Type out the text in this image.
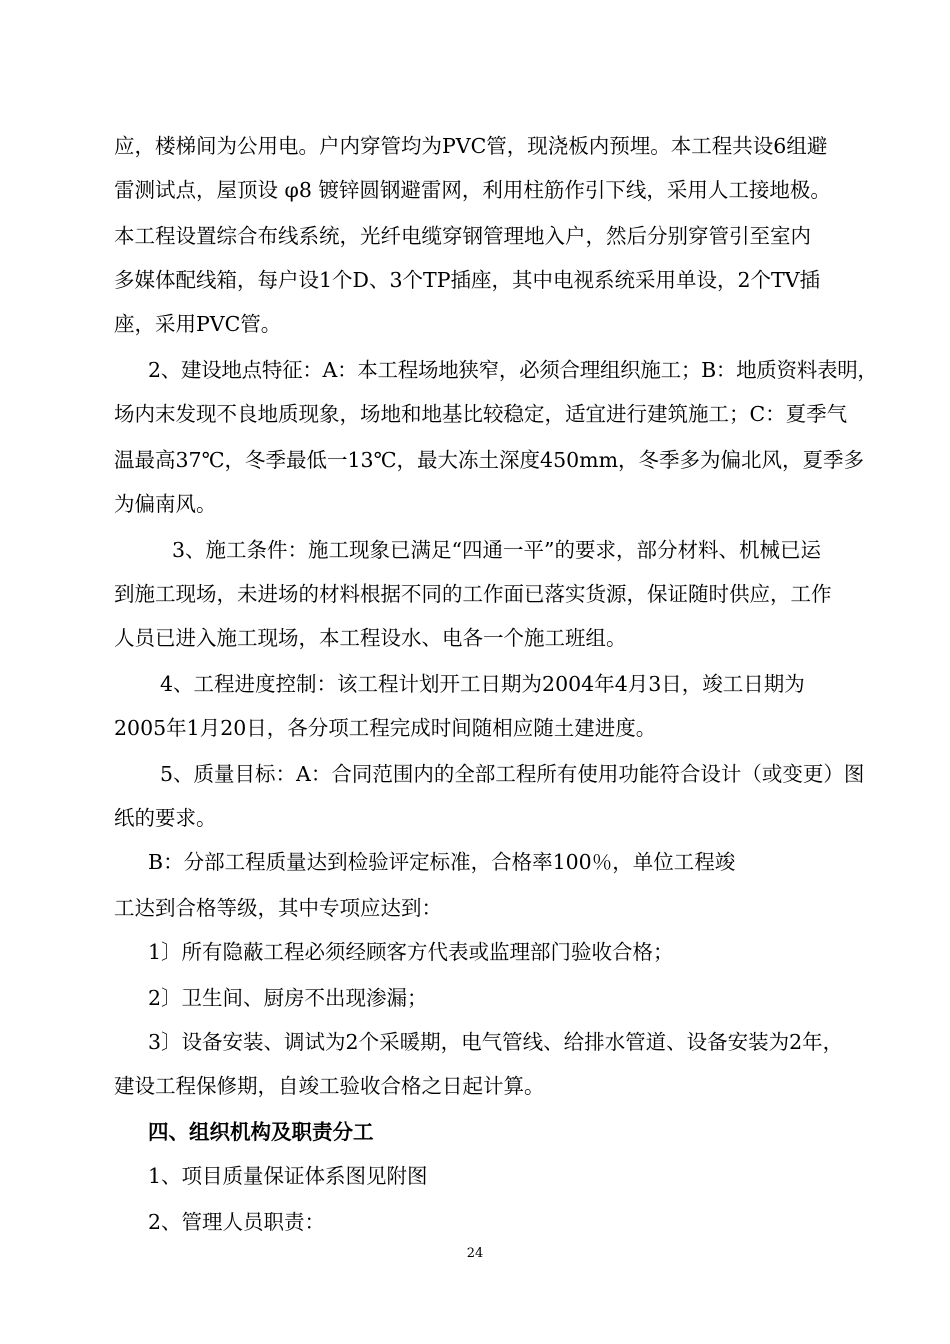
应，楼梯间为公用电。户内穿管均为PVC管，现浇板内预埋。本工程共设6组避
雷测试点，屋顶设 φ8 镀锌圆钢避雷网，利用柱筋作引下线，采用人工接地极。
本工程设置综合布线系统，光纤电缆穿钢管理地入户，然后分别穿管引至室内
多媒体配线箱，每户设1个D、3个TP插座，其中电视系统采用单设，2个TV插
座，采用PVC管。
2、建设地点特征：A：本工程场地狭窄，必须合理组织施工；B：地质资料表明，
场内末发现不良地质现象，场地和地基比较稳定，适宜进行建筑施工；C：夏季气
温最高37℃，冬季最低一13℃，最大冻土深度450mm，冬季多为偏北风，夏季多
为偏南风。
3、施工条件：施工现象已满足“四通一平”的要求，部分材料、机械已运
到施工现场，未进场的材料根据不同的工作面已落实货源，保证随时供应，工作
人员已进入施工现场，本工程设水、电各一个施工班组。
4、工程进度控制：该工程计划开工日期为2004年4月3日，竣工日期为
2005年1月20日，各分项工程完成时间随相应随土建进度。
5、质量目标：A：合同范围内的全部工程所有使用功能符合设计（或变更）图
纸的要求。
B：分部工程质量达到检验评定标准，合格率100％，单位工程竣
工达到合格等级，其中专项应达到：
1〕所有隐蔽工程必须经顾客方代表或监理部门验收合格；
2〕卫生间、厨房不出现渗漏；
3〕设备安装、调试为2个采暖期，电气管线、给排水管道、设备安装为2年，
建设工程保修期，自竣工验收合格之日起计算。
四、组织机构及职责分工
1、项目质量保证体系图见附图
2、管理人员职责：
24
